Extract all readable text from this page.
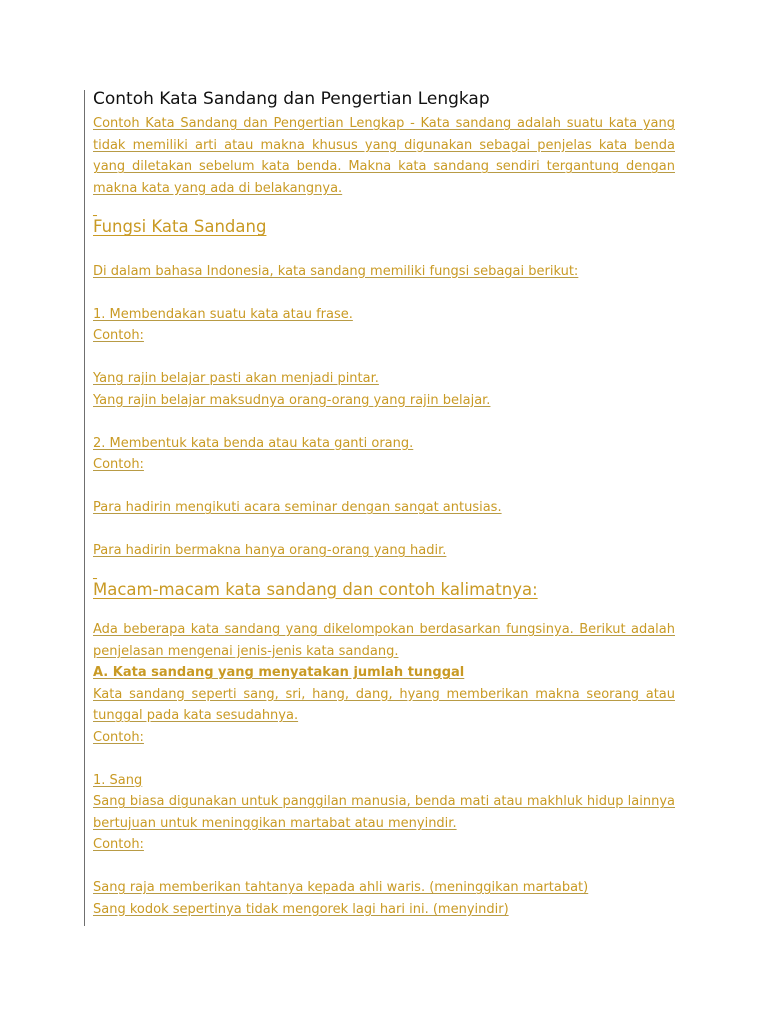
Contoh Kata Sandang dan Pengertian Lengkap

Contoh Kata Sandang dan Pengertian Lengkap - Kata sandang adalah suatu kata yang tidak memiliki arti atau makna khusus yang digunakan sebagai penjelas kata benda yang diletakan sebelum kata benda. Makna kata sandang sendiri tergantung dengan makna kata yang ada di belakangnya.

_

Fungsi Kata Sandang

Di dalam bahasa Indonesia, kata sandang memiliki fungsi sebagai berikut:

1. Membendakan suatu kata atau frase.

Contoh:

Yang rajin belajar pasti akan menjadi pintar.

Yang rajin belajar maksudnya orang-orang yang rajin belajar.

2. Membentuk kata benda atau kata ganti orang.

Contoh:

Para hadirin mengikuti acara seminar dengan sangat antusias.

Para hadirin bermakna hanya orang-orang yang hadir.

_

Macam-macam kata sandang dan contoh kalimatnya:

Ada beberapa kata sandang yang dikelompokan berdasarkan fungsinya. Berikut adalah penjelasan mengenai jenis-jenis kata sandang.

A. Kata sandang yang menyatakan jumlah tunggal

Kata sandang seperti sang, sri, hang, dang, hyang memberikan makna seorang atau tunggal pada kata sesudahnya.

Contoh:

1. Sang

Sang biasa digunakan untuk panggilan manusia, benda mati atau makhluk hidup lainnya bertujuan untuk meninggikan martabat atau menyindir.

Contoh:

Sang raja memberikan tahtanya kepada ahli waris. (meninggikan martabat)

Sang kodok sepertinya tidak mengorek lagi hari ini. (menyindir)
